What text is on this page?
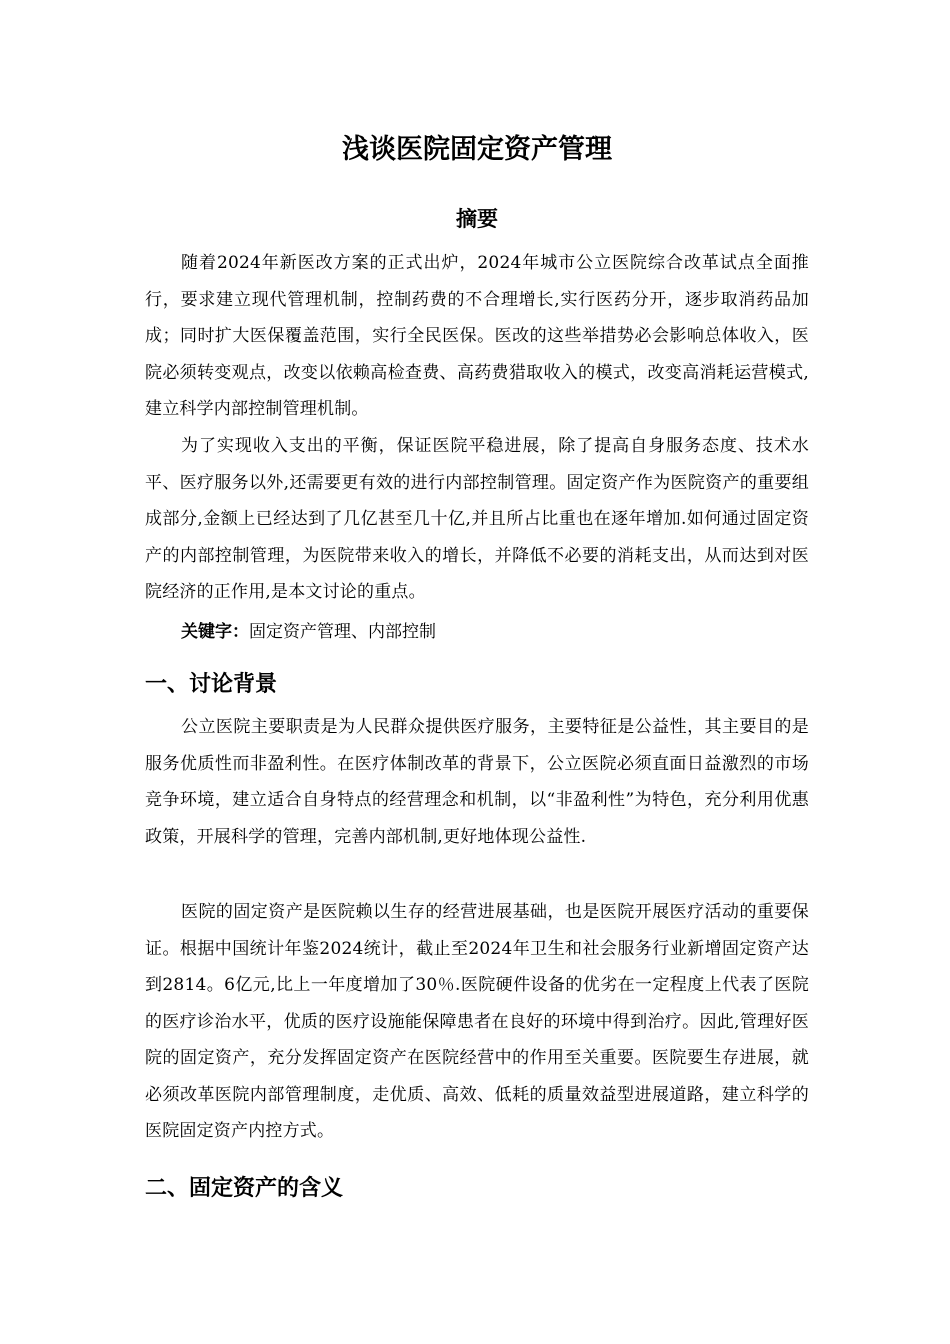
浅谈医院固定资产管理
摘要

随着2024年新医改方案的正式出炉，2024年城市公立医院综合改革试点全面推行，要求建立现代管理机制，控制药费的不合理增长,实行医药分开，逐步取消药品加成；同时扩大医保覆盖范围，实行全民医保。医改的这些举措势必会影响总体收入，医院必须转变观点，改变以依赖高检查费、高药费猎取收入的模式，改变高消耗运营模式,建立科学内部控制管理机制。

为了实现收入支出的平衡，保证医院平稳进展，除了提高自身服务态度、技术水平、医疗服务以外,还需要更有效的进行内部控制管理。固定资产作为医院资产的重要组成部分,金额上已经达到了几亿甚至几十亿,并且所占比重也在逐年增加.如何通过固定资产的内部控制管理，为医院带来收入的增长，并降低不必要的消耗支出，从而达到对医院经济的正作用,是本文讨论的重点。

关键字：固定资产管理、内部控制

一、讨论背景

公立医院主要职责是为人民群众提供医疗服务，主要特征是公益性，其主要目的是服务优质性而非盈利性。在医疗体制改革的背景下，公立医院必须直面日益激烈的市场竞争环境，建立适合自身特点的经营理念和机制，以“非盈利性”为特色，充分利用优惠政策，开展科学的管理，完善内部机制,更好地体现公益性.

医院的固定资产是医院赖以生存的经营进展基础，也是医院开展医疗活动的重要保证。根据中国统计年鉴2024统计，截止至2024年卫生和社会服务行业新增固定资产达到2814。6亿元,比上一年度增加了30％.医院硬件设备的优劣在一定程度上代表了医院的医疗诊治水平，优质的医疗设施能保障患者在良好的环境中得到治疗。因此,管理好医院的固定资产，充分发挥固定资产在医院经营中的作用至关重要。医院要生存进展，就必须改革医院内部管理制度，走优质、高效、低耗的质量效益型进展道路，建立科学的医院固定资产内控方式。

二、固定资产的含义
